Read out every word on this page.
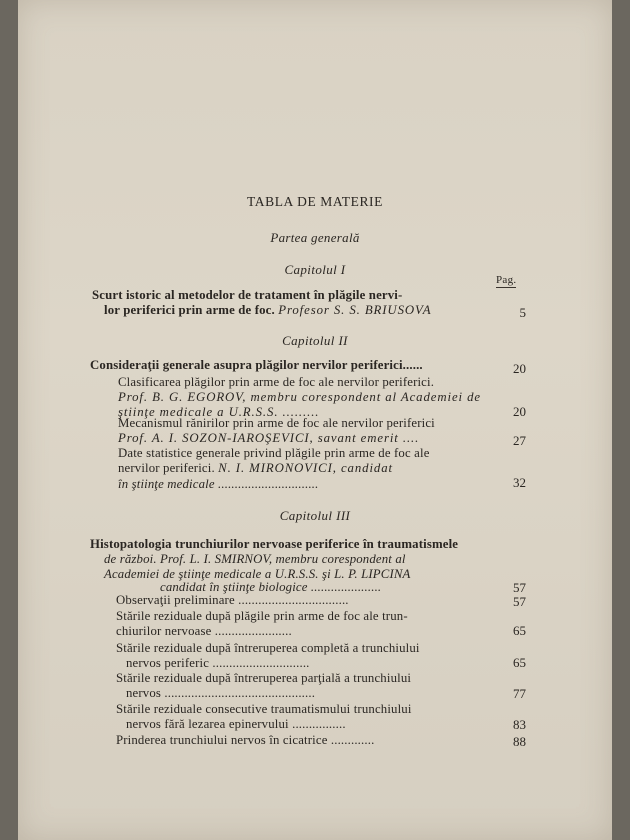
TABLA DE MATERIE
Partea generală
Capitolul I
Pag.
Scurt istoric al metodelor de tratament în plăgile nervi-
lor periferici prin arme de foc. Profesor S. S. BRIUSOVA	5
Capitolul II
Consideraţii generale asupra plăgilor nervilor periferici......	20
Clasificarea plăgilor prin arme de foc ale nervilor periferici.
Prof. B. G. EGOROV, membru corespondent al Academiei de
ştiinţe medicale a U.R.S.S. .........	20
Mecanismul rănirilor prin arme de foc ale nervilor periferici
Prof. A. I. SOZON-IAROŞEVICI, savant emerit ....	27
Date statistice generale privind plăgile prin arme de foc ale
nervilor periferici. N. I. MIRONOVICI, candidat
în ştiinţe medicale ..............................	32
Capitolul III
Histopatologia trunchiurilor nervoase periferice în traumatismele
de război. Prof. L. I. SMIRNOV, membru corespondent al
Academiei de ştiinţe medicale a U.R.S.S. şi L. P. LIPCINA
candidat în ştiinţe biologice .....................	57
Observaţii preliminare .................................	57
Stările reziduale după plăgile prin arme de foc ale trun-
chiurilor nervoase .......................	65
Stările reziduale după întreruperea completă a trunchiului
nervos periferic .............................	65
Stările reziduale după întreruperea parţială a trunchiului
nervos .............................................	77
Stările reziduale consecutive traumatismului trunchiului
nervos fără lezarea epinervului ................	83
Prinderea trunchiului nervos în cicatrice .............	88
